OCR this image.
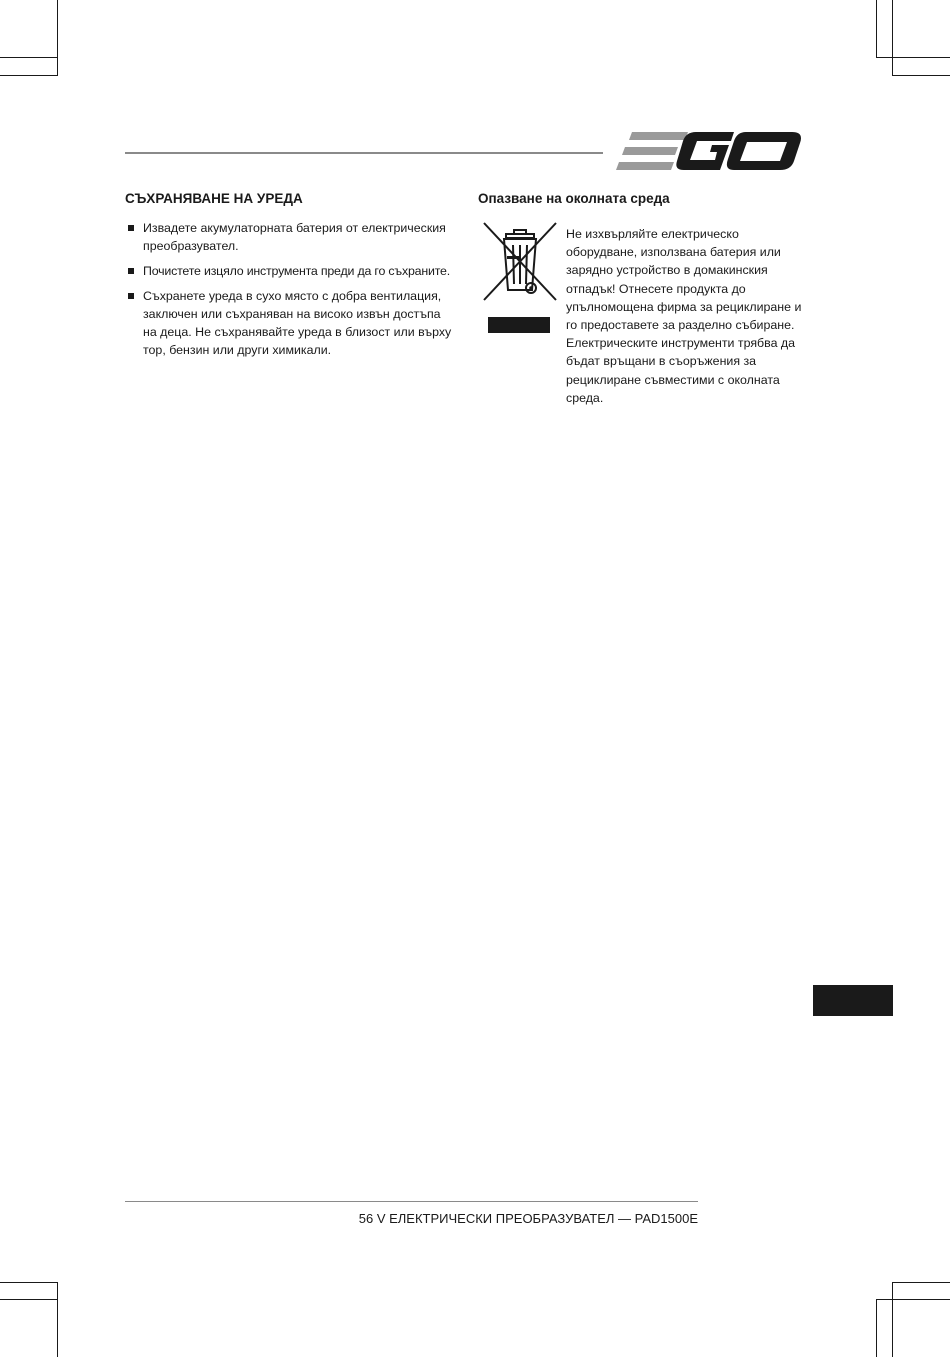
СЪХРАНЯВАНЕ НА УРЕДА
Извадете акумулаторната батерия от електрическия преобразувател.
Почистете изцяло инструмента преди да го съхраните.
Съхранете уреда в сухо място с добра вентилация, заключен или съхраняван на високо извън достъпа на деца. Не съхранявайте уреда в близост или върху тор, бензин или други химикали.
Опазване на околната среда

Не изхвърляйте електрическо оборудване, използвана батерия или зарядно устройство в домакинския отпадък! Отнесете продукта до упълномощена фирма за рециклиране и го предоставете за разделно събиране. Електрическите инструменти трябва да бъдат връщани в съоръжения за рециклиране съвместими с околната среда.

56 V ЕЛЕКТРИЧЕСКИ ПРЕОБРАЗУВАТЕЛ — PAD1500E
